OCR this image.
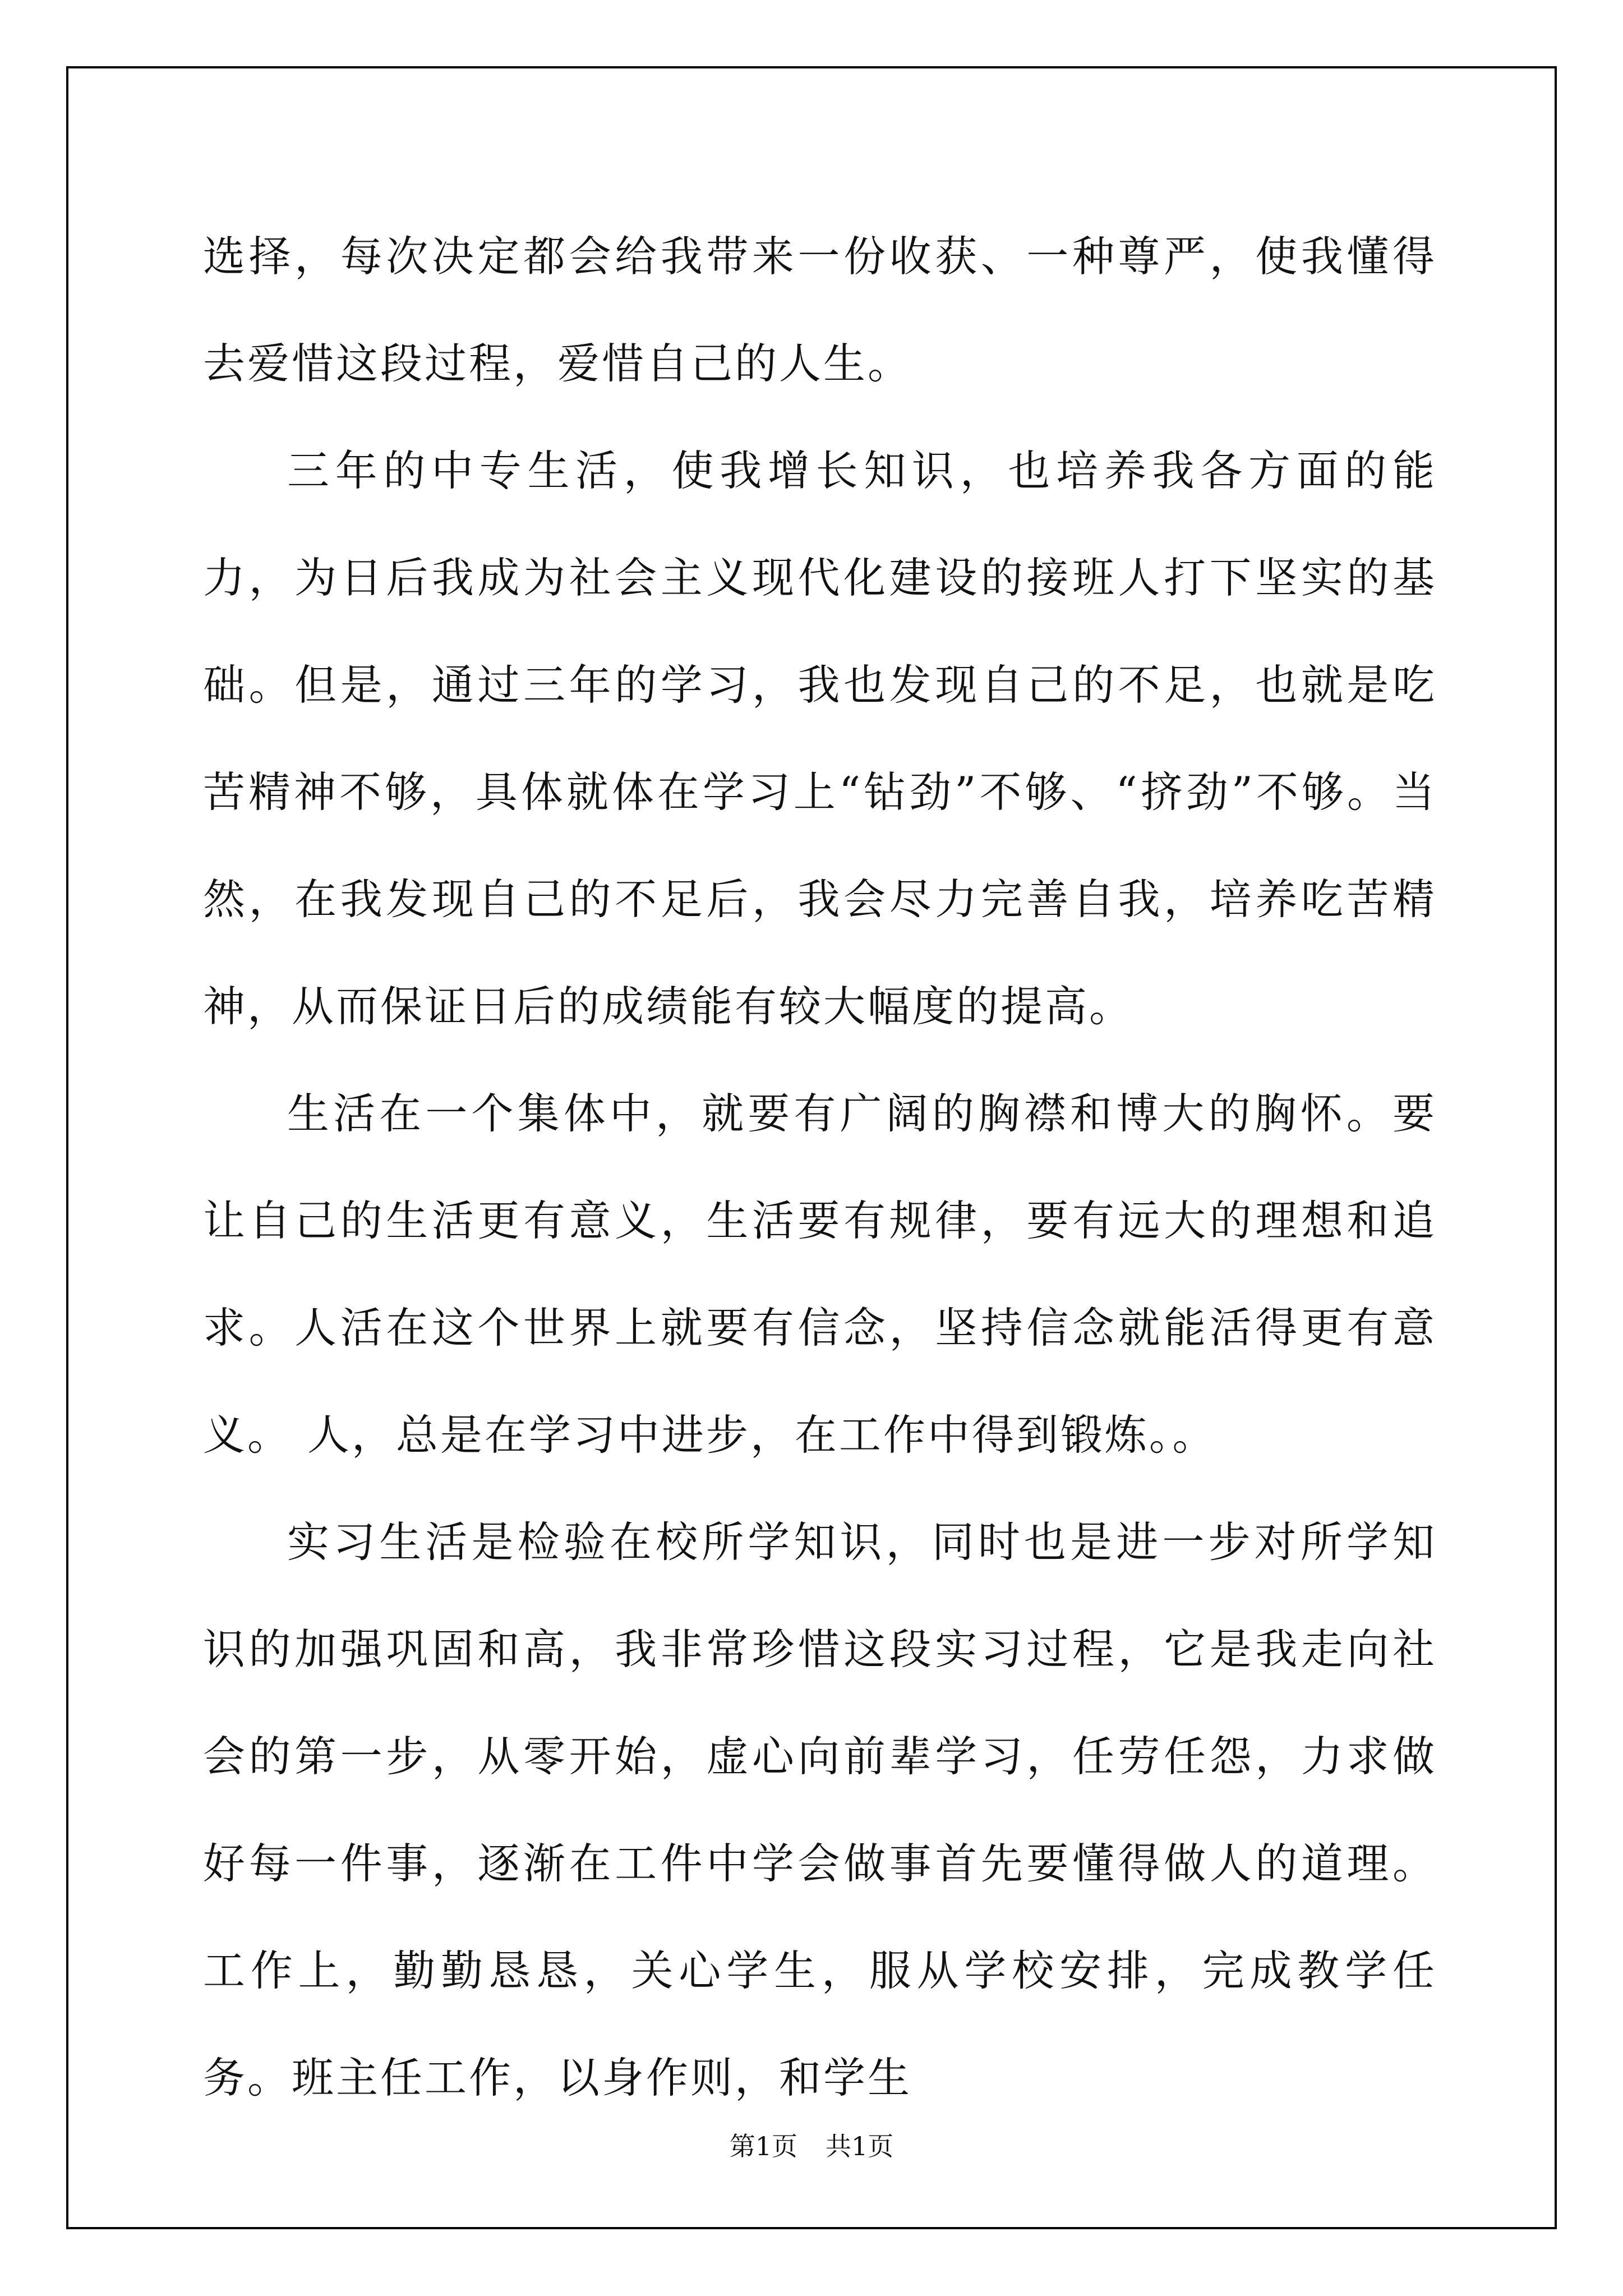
选择，每次决定都会给我带来一份收获、一种尊严，使我懂得去爱惜这段过程，爱惜自己的人生。

三年的中专生活，使我增长知识，也培养我各方面的能力，为日后我成为社会主义现代化建设的接班人打下坚实的基础。但是，通过三年的学习，我也发现自己的不足，也就是吃苦精神不够，具体就体在学习上“钻劲”不够、“挤劲”不够。当然，在我发现自己的不足后，我会尽力完善自我，培养吃苦精神，从而保证日后的成绩能有较大幅度的提高。

生活在一个集体中，就要有广阔的胸襟和博大的胸怀。要让自己的生活更有意义，生活要有规律，要有远大的理想和追求。人活在这个世界上就要有信念，坚持信念就能活得更有意义。 人，总是在学习中进步，在工作中得到锻炼。。

实习生活是检验在校所学知识，同时也是进一步对所学知识的加强巩固和高，我非常珍惜这段实习过程，它是我走向社会的第一步，从零开始，虚心向前辈学习，任劳任怨，力求做好每一件事，逐渐在工件中学会做事首先要懂得做人的道理。 工作上，勤勤恳恳，关心学生，服从学校安排，完成教学任务。班主任工作，以身作则，和学生

第1页 共1页
